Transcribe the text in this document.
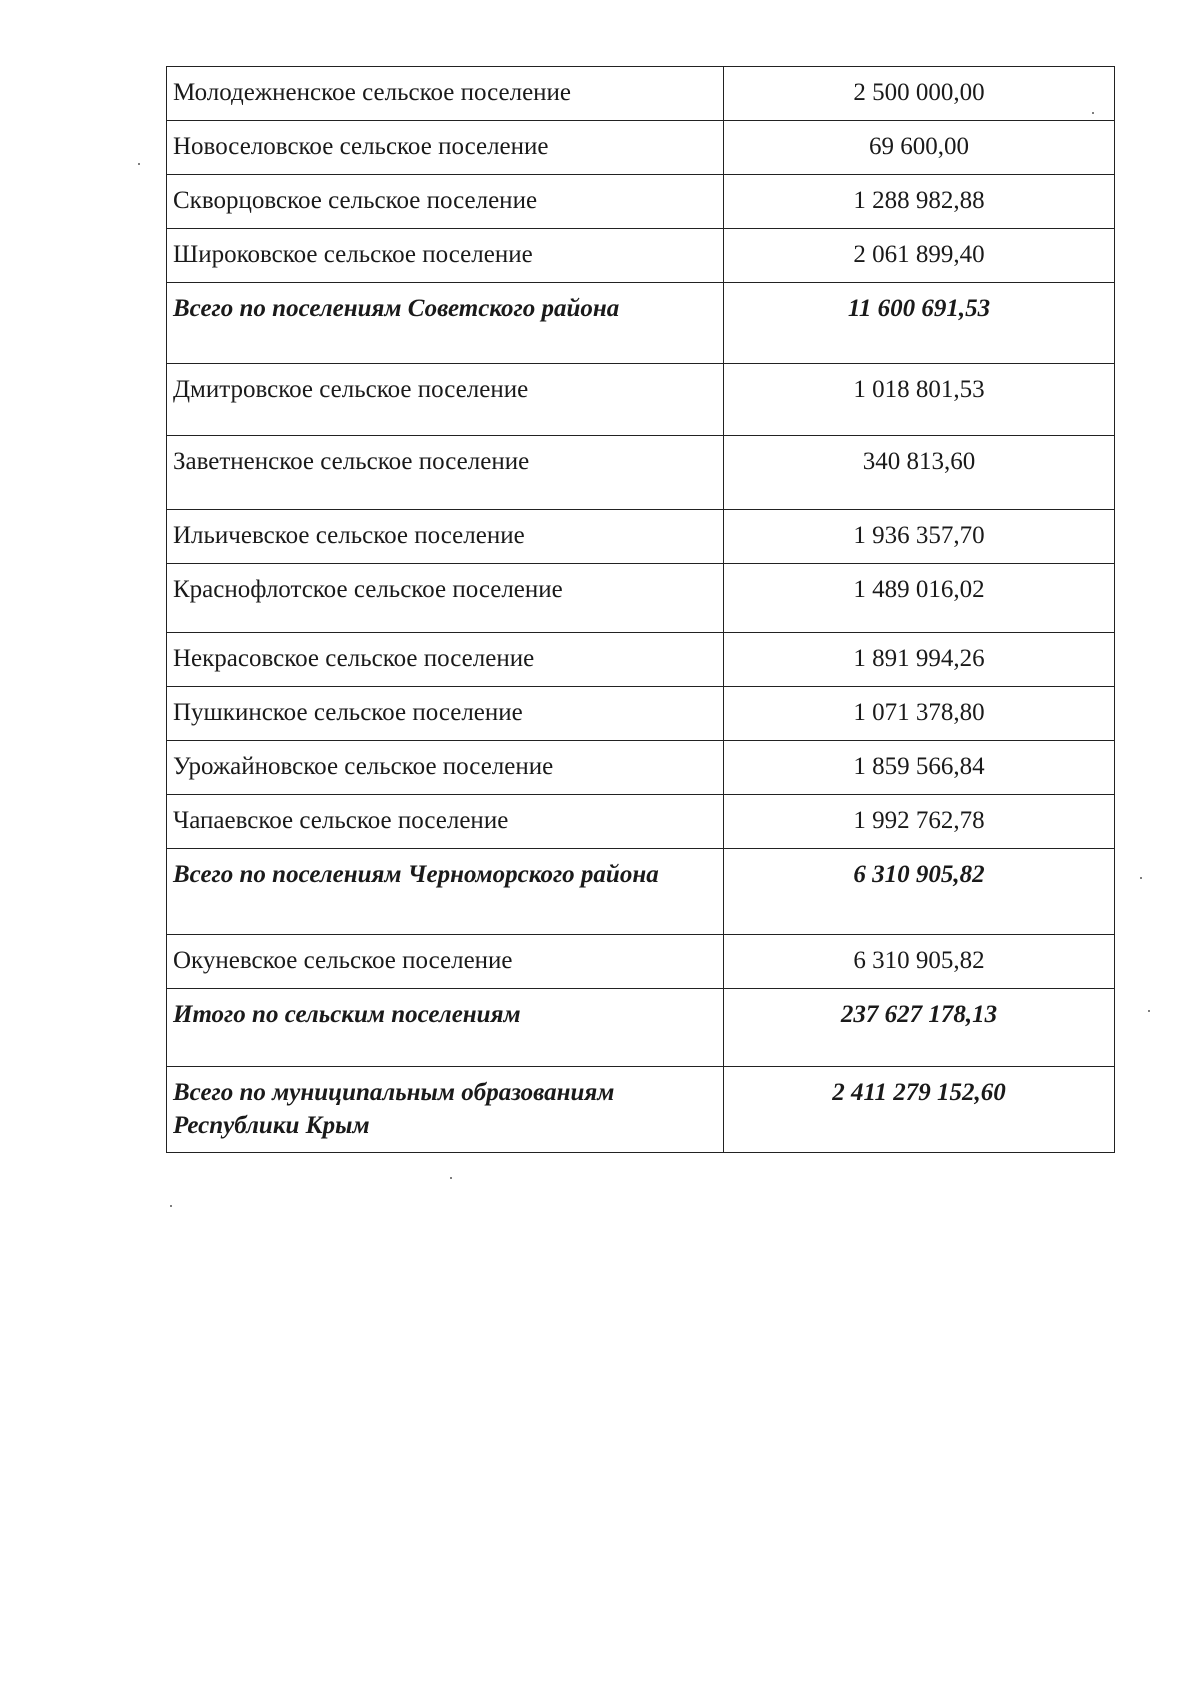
Молодежненское сельское поселение	2 500 000,00
Новоселовское сельское поселение	69 600,00
Скворцовское сельское поселение	1 288 982,88
Широковское сельское поселение	2 061 899,40
Всего по поселениям Советского района	11 600 691,53
Дмитровское сельское поселение	1 018 801,53
Заветненское сельское поселение	340 813,60
Ильичевское сельское поселение	1 936 357,70
Краснофлотское сельское поселение	1 489 016,02
Некрасовское сельское поселение	1 891 994,26
Пушкинское сельское поселение	1 071 378,80
Урожайновское сельское поселение	1 859 566,84
Чапаевское сельское поселение	1 992 762,78
Всего по поселениям Черноморского района	6 310 905,82
Окуневское сельское поселение	6 310 905,82
Итого по сельским поселениям	237 627 178,13
Всего по муниципальным образованиям Республики Крым	2 411 279 152,60
